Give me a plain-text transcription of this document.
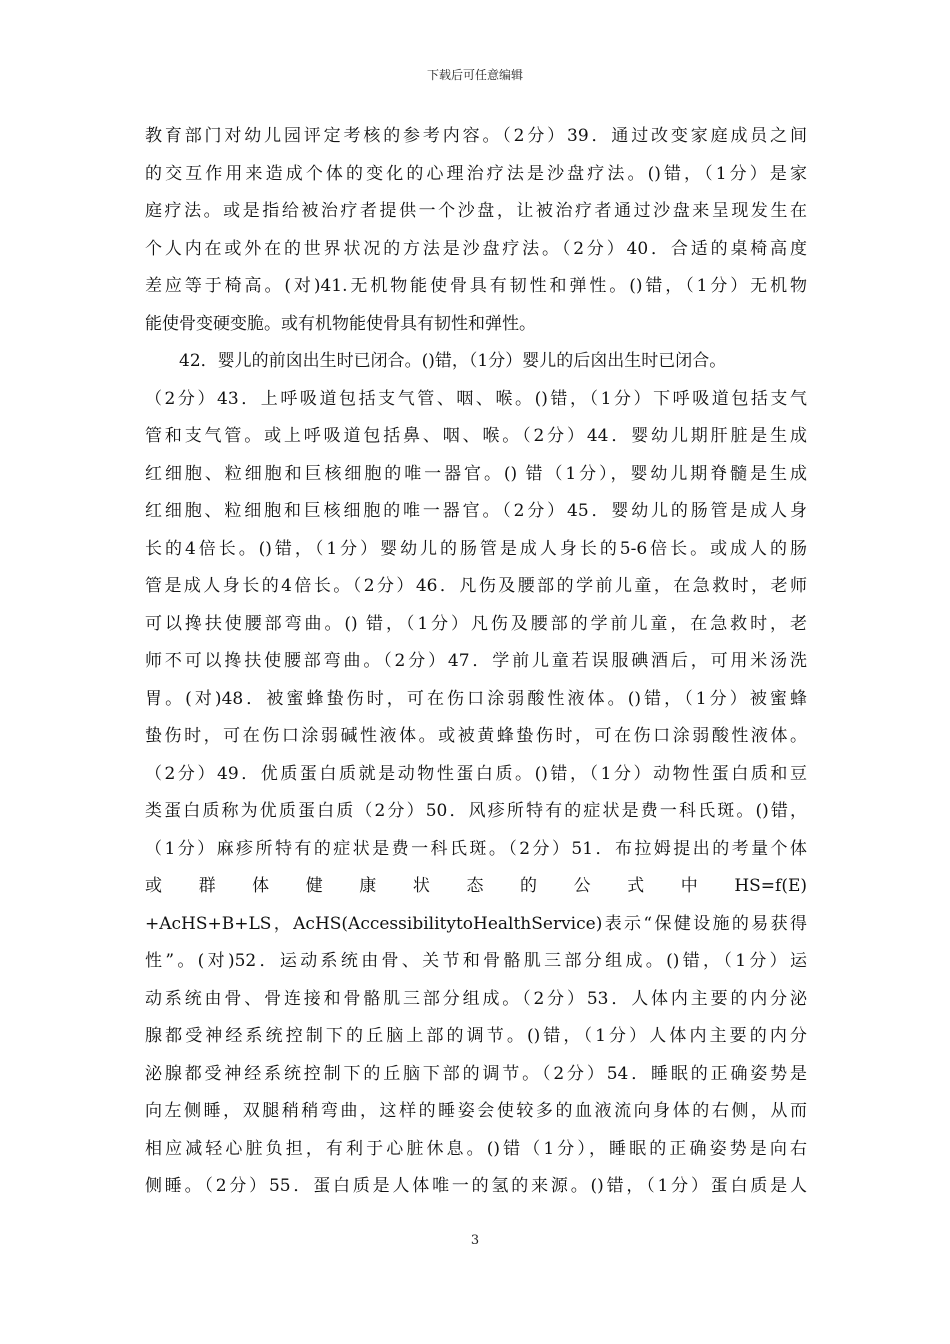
下载后可任意编辑
教育部门对幼儿园评定考核的参考内容。（2分）39．通过改变家庭成员之间
的交互作用来造成个体的变化的心理治疗法是沙盘疗法。()错，（1分）是家
庭疗法。或是指给被治疗者提供一个沙盘，让被治疗者通过沙盘来呈现发生在
个人内在或外在的世界状况的方法是沙盘疗法。（2分）40．合适的桌椅高度
差应等于椅高。(对)41.无机物能使骨具有韧性和弹性。()错，（1分）无机物
能使骨变硬变脆。或有机物能使骨具有韧性和弹性。
42．婴儿的前囟出生时已闭合。()错，（1分）婴儿的后囟出生时已闭合。
（2分）43．上呼吸道包括支气管、咽、喉。()错，（1分）下呼吸道包括支气
管和支气管。或上呼吸道包括鼻、咽、喉。（2分）44．婴幼儿期肝脏是生成
红细胞、粒细胞和巨核细胞的唯一器官。() 错（1分），婴幼儿期脊髓是生成
红细胞、粒细胞和巨核细胞的唯一器官。（2分）45．婴幼儿的肠管是成人身
长的4倍长。()错，（1分）婴幼儿的肠管是成人身长的5-6倍长。或成人的肠
管是成人身长的4倍长。（2分）46．凡伤及腰部的学前儿童，在急救时，老师
可以搀扶使腰部弯曲。() 错，（1分）凡伤及腰部的学前儿童，在急救时，老
师不可以搀扶使腰部弯曲。（2分）47．学前儿童若误服碘酒后，可用米汤洗
胃。(对)48．被蜜蜂蛰伤时，可在伤口涂弱酸性液体。()错，（1分）被蜜蜂
蛰伤时，可在伤口涂弱碱性液体。或被黄蜂蛰伤时，可在伤口涂弱酸性液体。
（2分）49．优质蛋白质就是动物性蛋白质。()错，（1分）动物性蛋白质和豆
类蛋白质称为优质蛋白质（2分）50．风疹所特有的症状是费一科氏斑。()错，
（1分）麻疹所特有的症状是费一科氏斑。（2分）51．布拉姆提出的考量个体
或 群 体 健 康 状 态 的 公 式 中 HS=f(E)
+AcHS+B+LS，AcHS(AccessibilitytoHealthService)表示“保健设施的易获得
性”。(对)52．运动系统由骨、关节和骨骼肌三部分组成。()错，（1分）运
动系统由骨、骨连接和骨骼肌三部分组成。（2分）53．人体内主要的内分泌
腺都受神经系统控制下的丘脑上部的调节。()错，（1分）人体内主要的内分
泌腺都受神经系统控制下的丘脑下部的调节。（2分）54．睡眠的正确姿势是
向左侧睡，双腿稍稍弯曲，这样的睡姿会使较多的血液流向身体的右侧，从而
相应减轻心脏负担，有利于心脏休息。()错（1分），睡眠的正确姿势是向右
侧睡。（2分）55．蛋白质是人体唯一的氢的来源。()错，（1分）蛋白质是人
3
